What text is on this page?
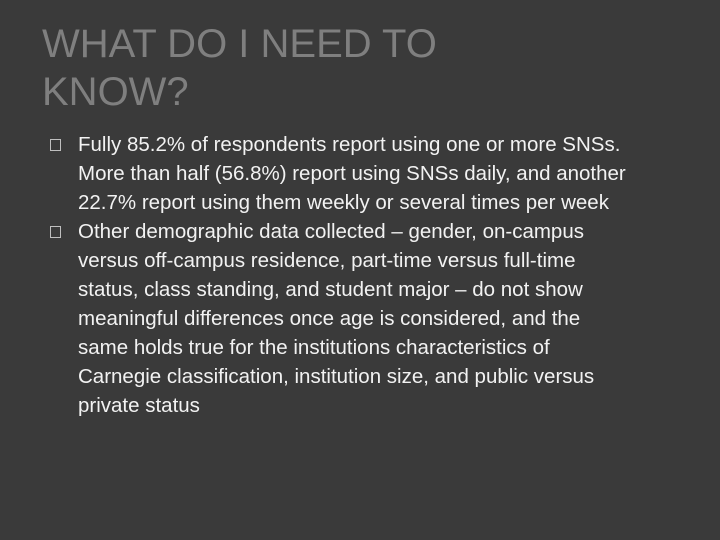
WHAT DO I NEED TO
KNOW?
Fully 85.2% of respondents report using one or more SNSs. More than half (56.8%) report using SNSs daily, and another 22.7% report using them weekly or several times per week
Other demographic data collected – gender, on-campus versus off-campus residence, part-time versus full-time status, class standing, and student major – do not show meaningful differences once age is considered, and the same holds true for the institutions characteristics of Carnegie classification, institution size, and public versus private status
